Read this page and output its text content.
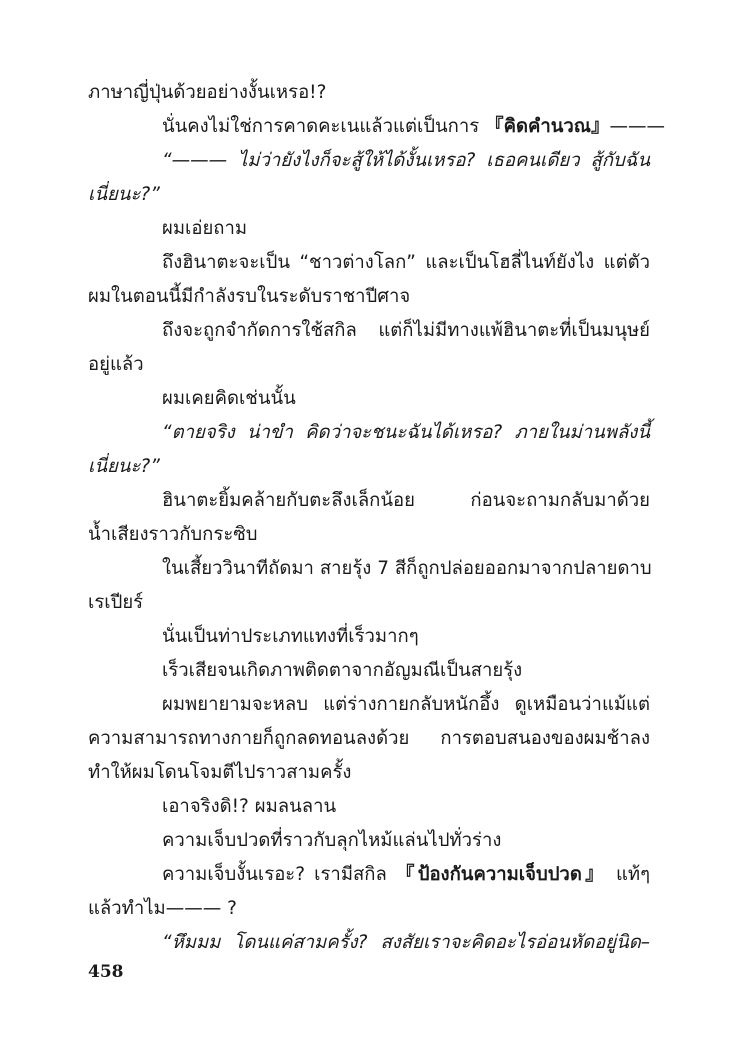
ภาษาญี่ปุ่นด้วยอย่างงั้นเหรอ!?
นั่นคงไม่ใช่การคาดคะเนแล้วแต่เป็นการ 『คิดคำนวณ』———
“——— ไม่ว่ายังไงก็จะสู้ให้ได้งั้นเหรอ? เธอคนเดียว สู้กับฉัน
เนี่ยนะ?”
ผมเอ่ยถาม
ถึงฮินาตะจะเป็น “ชาวต่างโลก” และเป็นโฮลี่ไนท์ยังไง แต่ตัว
ผมในตอนนี้มีกำลังรบในระดับราชาปีศาจ
ถึงจะถูกจำกัดการใช้สกิล แต่ก็ไม่มีทางแพ้ฮินาตะที่เป็นมนุษย์
อยู่แล้ว
ผมเคยคิดเช่นนั้น
“ตายจริง น่าขำ คิดว่าจะชนะฉันได้เหรอ? ภายในม่านพลังนี้
เนี่ยนะ?”
ฮินาตะยิ้มคล้ายกับตะลึงเล็กน้อย ก่อนจะถามกลับมาด้วย
น้ำเสียงราวกับกระซิบ
ในเสี้ยววินาทีถัดมา สายรุ้ง 7 สีก็ถูกปล่อยออกมาจากปลายดาบ
เรเปียร์
นั่นเป็นท่าประเภทแทงที่เร็วมากๆ
เร็วเสียจนเกิดภาพติดตาจากอัญมณีเป็นสายรุ้ง
ผมพยายามจะหลบ แต่ร่างกายกลับหนักอึ้ง ดูเหมือนว่าแม้แต่
ความสามารถทางกายก็ถูกลดทอนลงด้วย การตอบสนองของผมช้าลง
ทำให้ผมโดนโจมตีไปราวสามครั้ง
เอาจริงดิ!? ผมลนลาน
ความเจ็บปวดที่ราวกับลุกไหม้แล่นไปทั่วร่าง
ความเจ็บงั้นเรอะ? เรามีสกิล 『ป้องกันความเจ็บปวด』 แท้ๆ
แล้วทำไม——— ?
“หึมมม โดนแค่สามครั้ง? สงสัยเราจะคิดอะไรอ่อนหัดอยู่นิด–
458
